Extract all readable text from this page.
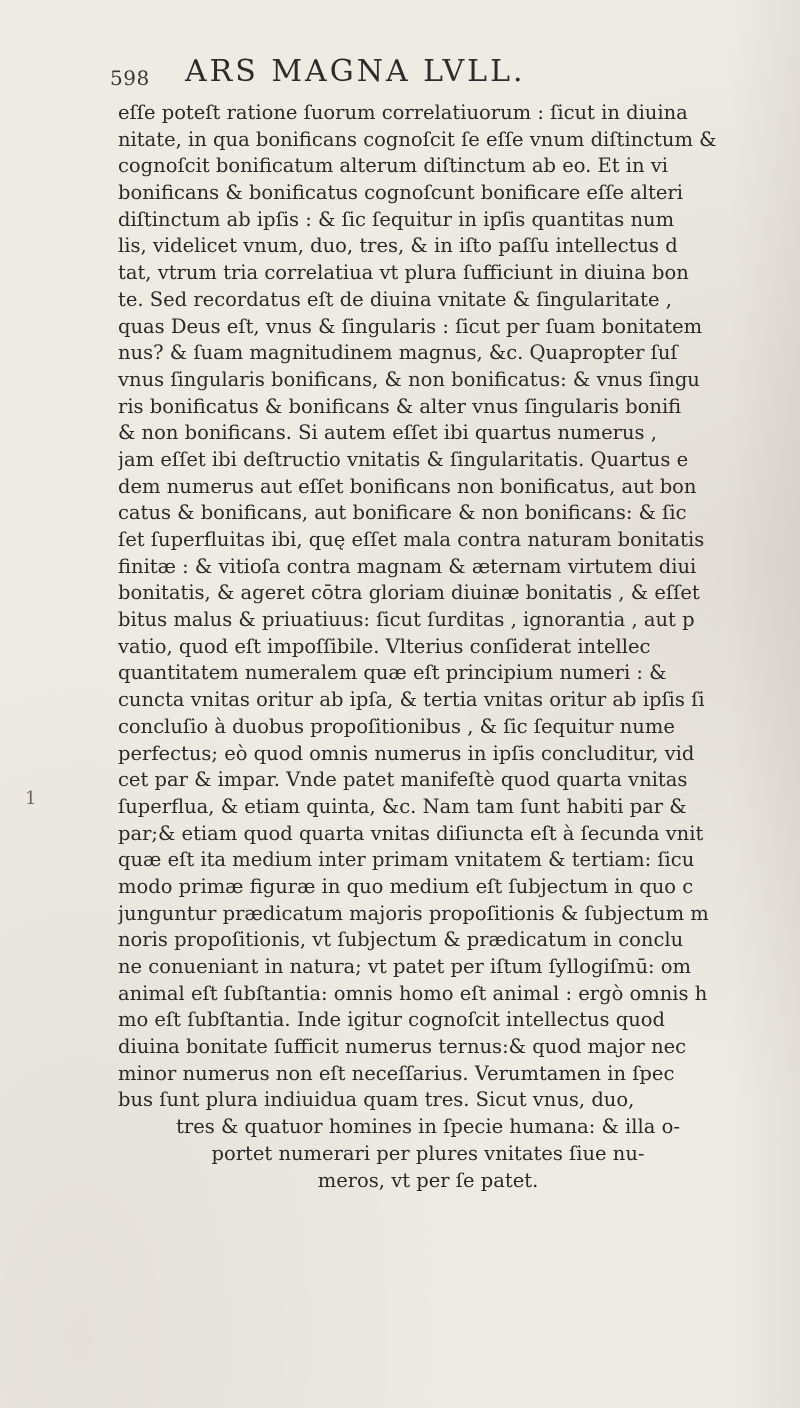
598 ARS MAGNA LVLL.
eſſe poteſt ratione ſuorum correlatiuorum : ſicut in diuina
nitate, in qua bonificans cognoſcit ſe eſſe vnum diſtinctum &
cognoſcit bonificatum alterum diſtinctum ab eo. Et in vi
bonificans & bonificatus cognoſcunt bonificare eſſe alteri
diſtinctum ab ipſis : & ſic ſequitur in ipſis quantitas num
lis, videlicet vnum, duo, tres, & in iſto paſſu intellectus d
tat, vtrum tria correlatiua vt plura ſufficiunt in diuina bon
te. Sed recordatus eſt de diuina vnitate & ſingularitate ,
quas Deus eſt, vnus & ſingularis : ſicut per ſuam bonitatem
nus? & ſuam magnitudinem magnus, &c. Quapropter ſuſ
vnus ſingularis bonificans, & non bonificatus: & vnus ſingu
ris bonificatus & bonificans & alter vnus ſingularis bonifi
& non bonificans. Si autem eſſet ibi quartus numerus ,
jam eſſet ibi deſtructio vnitatis & ſingularitatis. Quartus e
dem numerus aut eſſet bonificans non bonificatus, aut bon
catus & bonificans, aut bonificare & non bonificans: & ſic
ſet ſuperfluitas ibi, quę eſſet mala contra naturam bonitatis
finitæ : & vitioſa contra magnam & æternam virtutem diui
bonitatis, & ageret cōtra gloriam diuinæ bonitatis , & eſſet
bitus malus & priuatiuus: ſicut ſurditas , ignorantia , aut p
vatio, quod eſt impoſſibile. Vlterius conſiderat intellec
quantitatem numeralem quæ eſt principium numeri : &
cuncta vnitas oritur ab ipſa, & tertia vnitas oritur ab ipſis ſi
concluſio à duobus propoſitionibus , & ſic ſequitur nume
perfectus; eò quod omnis numerus in ipſis concluditur, vid
cet par & impar. Vnde patet manifeſtè quod quarta vnitas
ſuperflua, & etiam quinta, &c. Nam tam ſunt habiti par &
par;& etiam quod quarta vnitas diſiuncta eſt à ſecunda vnit
quæ eſt ita medium inter primam vnitatem & tertiam: ſicu
modo primæ figuræ in quo medium eſt ſubjectum in quo c
junguntur prædicatum majoris propoſitionis & ſubjectum m
noris propoſitionis, vt ſubjectum & prædicatum in conclu
ne conueniant in natura; vt patet per iſtum ſyllogiſmū: om
animal eſt ſubſtantia: omnis homo eſt animal : ergò omnis h
mo eſt ſubſtantia. Inde igitur cognoſcit intellectus quod
diuina bonitate ſufficit numerus ternus:& quod major nec
minor numerus non eſt neceſſarius. Verumtamen in ſpec
bus ſunt plura indiuidua quam tres. Sicut vnus, duo,
tres & quatuor homines in ſpecie humana: & illa o-
portet numerari per plures vnitates ſiue nu-
meros, vt per ſe patet.
1
